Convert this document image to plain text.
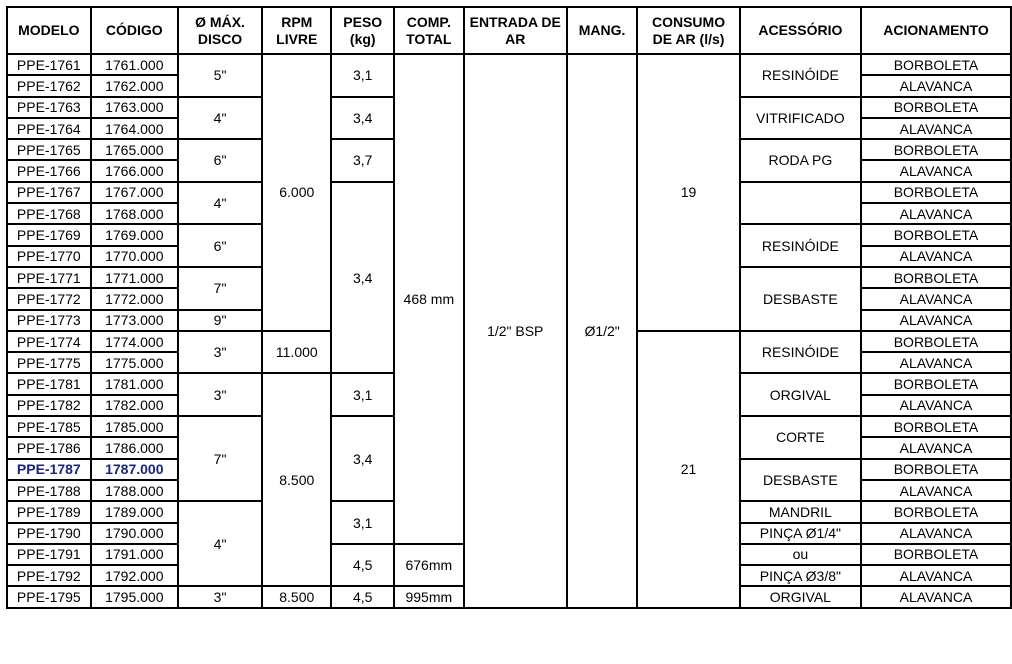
MODELO	CÓDIGO	Ø MÁX. DISCO	RPM LIVRE	PESO (kg)	COMP. TOTAL	ENTRADA DE AR	MANG.	CONSUMO DE AR (l/s)	ACESSÓRIO	ACIONAMENTO
PPE-1761	1761.000	5"	6.000	3,1	468 mm	1/2" BSP	Ø1/2"	19	RESINÓIDE	BORBOLETA
PPE-1762	1762.000									ALAVANCA
PPE-1763	1763.000	4"		3,4					VITRIFICADO	BORBOLETA
PPE-1764	1764.000									ALAVANCA
PPE-1765	1765.000	6"		3,7					RODA PG	BORBOLETA
PPE-1766	1766.000									ALAVANCA
PPE-1767	1767.000	4"		3,4						BORBOLETA
PPE-1768	1768.000									ALAVANCA
PPE-1769	1769.000	6"							RESINÓIDE	BORBOLETA
PPE-1770	1770.000									ALAVANCA
PPE-1771	1771.000	7"							DESBASTE	BORBOLETA
PPE-1772	1772.000									ALAVANCA
PPE-1773	1773.000	9"								ALAVANCA
PPE-1774	1774.000	3"	11.000					21	RESINÓIDE	BORBOLETA
PPE-1775	1775.000									ALAVANCA
PPE-1781	1781.000	3"	8.500	3,1					ORGIVAL	BORBOLETA
PPE-1782	1782.000									ALAVANCA
PPE-1785	1785.000	7"		3,4					CORTE	BORBOLETA
PPE-1786	1786.000									ALAVANCA
PPE-1787	1787.000								DESBASTE	BORBOLETA
PPE-1788	1788.000									ALAVANCA
PPE-1789	1789.000	4"		3,1					MANDRIL	BORBOLETA
PPE-1790	1790.000								PINÇA Ø1/4"	ALAVANCA
PPE-1791	1791.000			4,5	676mm				ou	BORBOLETA
PPE-1792	1792.000								PINÇA Ø3/8"	ALAVANCA
PPE-1795	1795.000	3"	8.500	4,5	995mm				ORGIVAL	ALAVANCA
